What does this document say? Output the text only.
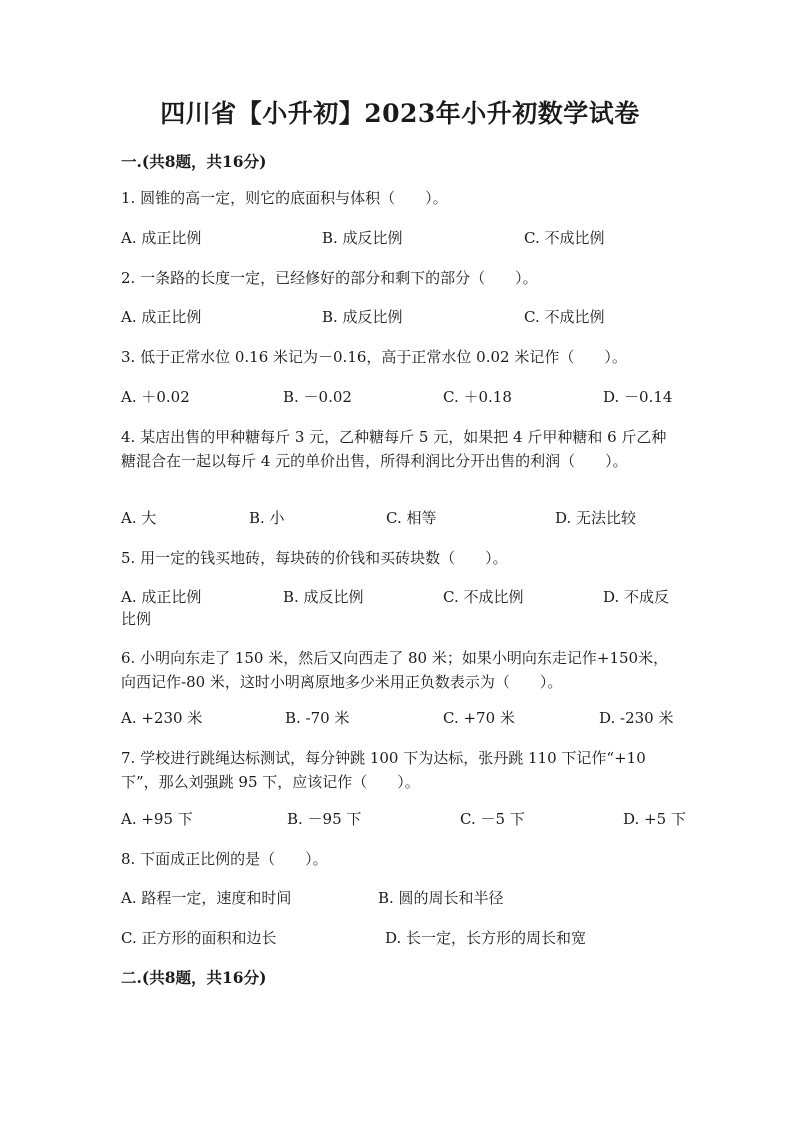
四川省【小升初】2023年小升初数学试卷
一.(共8题，共16分)
1. 圆锥的高一定，则它的底面积与体积（　　）。
A. 成正比例	B. 成反比例	C. 不成比例
2. 一条路的长度一定，已经修好的部分和剩下的部分（　　）。
A. 成正比例	B. 成反比例	C. 不成比例
3. 低于正常水位 0.16 米记为－0.16，高于正常水位 0.02 米记作（　　）。
A. ＋0.02	B. －0.02	C. ＋0.18	D. －0.14
4. 某店出售的甲种糖每斤 3 元，乙种糖每斤 5 元，如果把 4 斤甲种糖和 6 斤乙种糖混合在一起以每斤 4 元的单价出售，所得利润比分开出售的利润（　　）。
A. 大	B. 小	C. 相等	D. 无法比较
5. 用一定的钱买地砖，每块砖的价钱和买砖块数（　　）。
A. 成正比例	B. 成反比例	C. 不成比例	D. 不成反比例
6. 小明向东走了 150 米，然后又向西走了 80 米；如果小明向东走记作+150米，向西记作-80 米，这时小明离原地多少米用正负数表示为（　　）。
A. +230 米	B. -70 米	C. +70 米	D. -230 米
7. 学校进行跳绳达标测试，每分钟跳 100 下为达标，张丹跳 110 下记作“+10下”，那么刘强跳 95 下，应该记作（　　）。
A. +95 下	B. －95 下	C. －5 下	D. +5 下
8. 下面成正比例的是（　　）。
A. 路程一定，速度和时间	B. 圆的周长和半径
C. 正方形的面积和边长	D. 长一定，长方形的周长和宽
二.(共8题，共16分)
